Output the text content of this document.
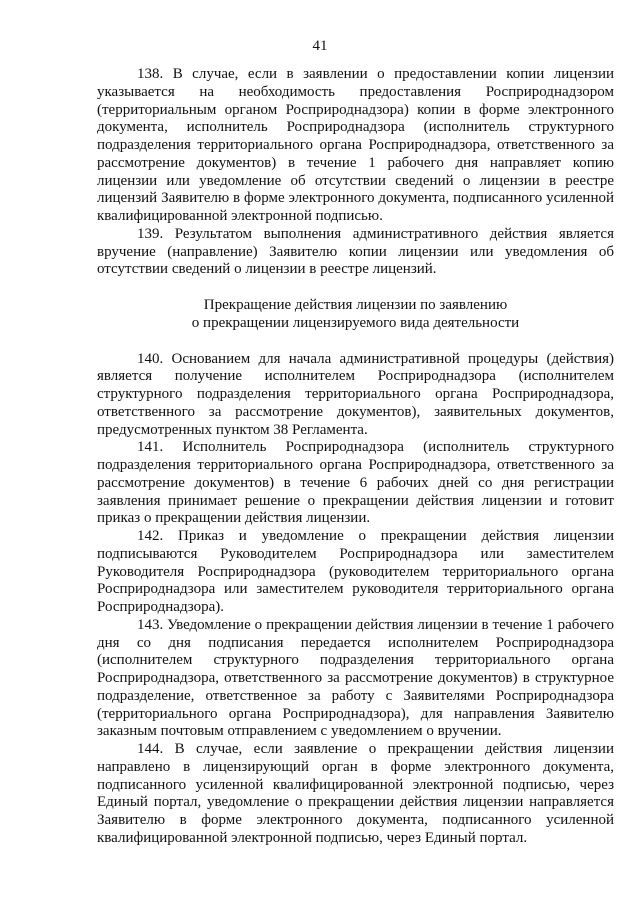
41

138. В случае, если в заявлении о предоставлении копии лицензии указывается на необходимость предоставления Росприроднадзором (территориальным органом Росприроднадзора) копии в форме электронного документа, исполнитель Росприроднадзора (исполнитель структурного подразделения территориального органа Росприроднадзора, ответственного за рассмотрение документов) в течение 1 рабочего дня направляет копию лицензии или уведомление об отсутствии сведений о лицензии в реестре лицензий Заявителю в форме электронного документа, подписанного усиленной квалифицированной электронной подписью.

139. Результатом выполнения административного действия является вручение (направление) Заявителю копии лицензии или уведомления об отсутствии сведений о лицензии в реестре лицензий.

Прекращение действия лицензии по заявлению
о прекращении лицензируемого вида деятельности

140. Основанием для начала административной процедуры (действия) является получение исполнителем Росприроднадзора (исполнителем структурного подразделения территориального органа Росприроднадзора, ответственного за рассмотрение документов), заявительных документов, предусмотренных пунктом 38 Регламента.

141. Исполнитель Росприроднадзора (исполнитель структурного подразделения территориального органа Росприроднадзора, ответственного за рассмотрение документов) в течение 6 рабочих дней со дня регистрации заявления принимает решение о прекращении действия лицензии и готовит приказ о прекращении действия лицензии.

142. Приказ и уведомление о прекращении действия лицензии подписываются Руководителем Росприроднадзора или заместителем Руководителя Росприроднадзора (руководителем территориального органа Росприроднадзора или заместителем руководителя территориального органа Росприроднадзора).

143. Уведомление о прекращении действия лицензии в течение 1 рабочего дня со дня подписания передается исполнителем Росприроднадзора (исполнителем структурного подразделения территориального органа Росприроднадзора, ответственного за рассмотрение документов) в структурное подразделение, ответственное за работу с Заявителями Росприроднадзора (территориального органа Росприроднадзора), для направления Заявителю заказным почтовым отправлением с уведомлением о вручении.

144. В случае, если заявление о прекращении действия лицензии направлено в лицензирующий орган в форме электронного документа, подписанного усиленной квалифицированной электронной подписью, через Единый портал, уведомление о прекращении действия лицензии направляется Заявителю в форме электронного документа, подписанного усиленной квалифицированной электронной подписью, через Единый портал.
